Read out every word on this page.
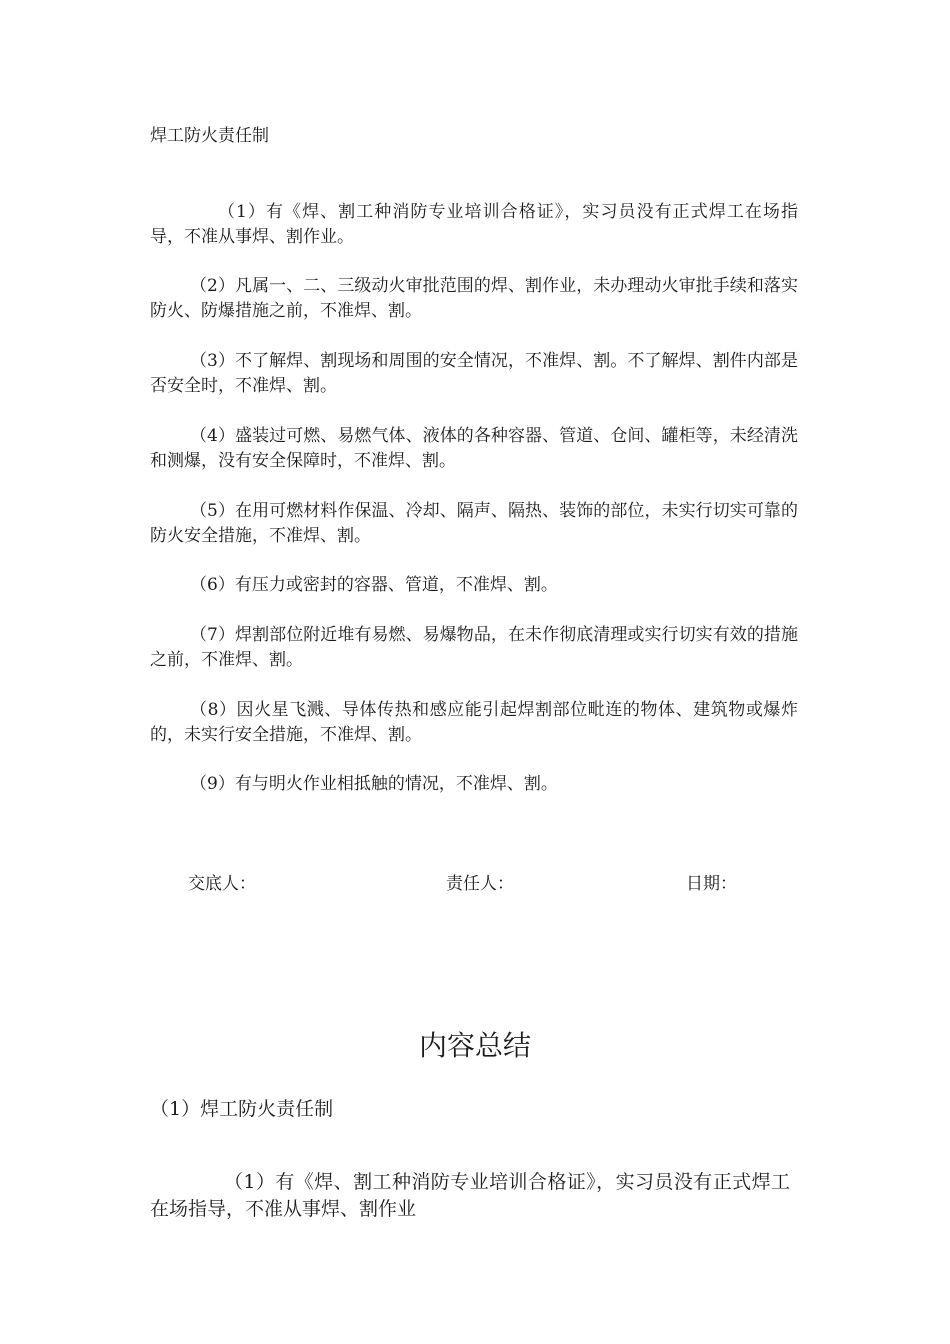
焊工防火责任制

（1）有《焊、割工种消防专业培训合格证》，实习员没有正式焊工在场指导，不准从事焊、割作业。

（2）凡属一、二、三级动火审批范围的焊、割作业，未办理动火审批手续和落实防火、防爆措施之前，不准焊、割。

（3）不了解焊、割现场和周围的安全情况，不准焊、割。不了解焊、割件内部是否安全时，不准焊、割。

（4）盛装过可燃、易燃气体、液体的各种容器、管道、仓间、罐柜等，未经清洗和测爆，没有安全保障时，不准焊、割。

（5）在用可燃材料作保温、冷却、隔声、隔热、装饰的部位，未实行切实可靠的防火安全措施，不准焊、割。

（6）有压力或密封的容器、管道，不准焊、割。

（7）焊割部位附近堆有易燃、易爆物品，在未作彻底清理或实行切实有效的措施之前，不准焊、割。

（8）因火星飞溅、导体传热和感应能引起焊割部位毗连的物体、建筑物或爆炸的，未实行安全措施，不准焊、割。

（9）有与明火作业相抵触的情况，不准焊、割。

交底人：	责任人：	日期：
内容总结
（1）焊工防火责任制

（1）有《焊、割工种消防专业培训合格证》，实习员没有正式焊工在场指导，不准从事焊、割作业
